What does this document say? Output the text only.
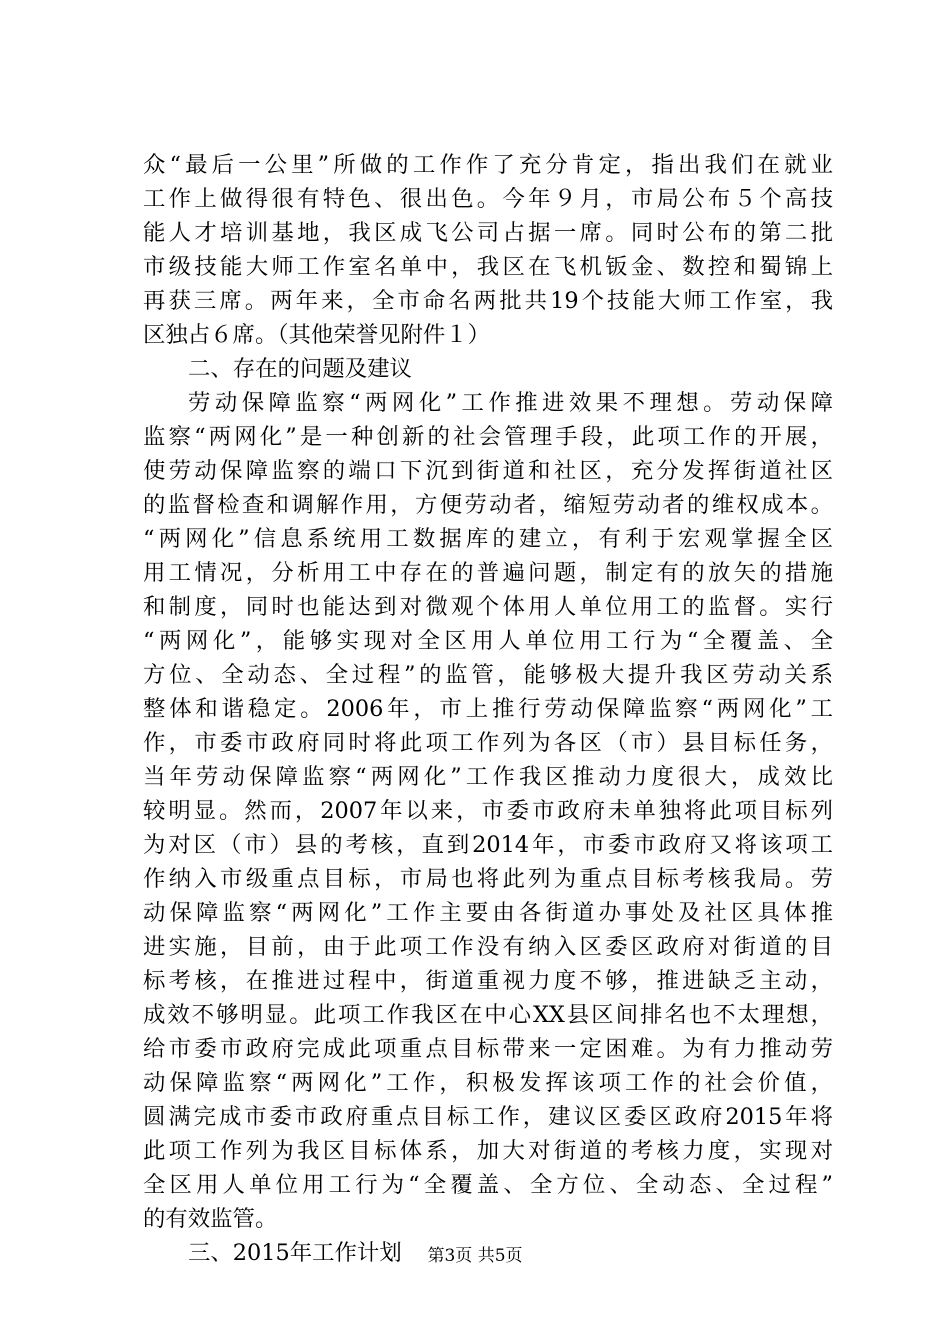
众“最后一公里”所做的工作作了充分肯定，指出我们在就业
工作上做得很有特色、很出色。今年９月，市局公布５个高技
能人才培训基地，我区成飞公司占据一席。同时公布的第二批
市级技能大师工作室名单中，我区在飞机钣金、数控和蜀锦上
再获三席。两年来，全市命名两批共19个技能大师工作室，我
区独占６席。（其他荣誉见附件１）
二、存在的问题及建议
劳动保障监察“两网化”工作推进效果不理想。劳动保障
监察“两网化”是一种创新的社会管理手段，此项工作的开展，
使劳动保障监察的端口下沉到街道和社区，充分发挥街道社区
的监督检查和调解作用，方便劳动者，缩短劳动者的维权成本。
“两网化”信息系统用工数据库的建立，有利于宏观掌握全区
用工情况，分析用工中存在的普遍问题，制定有的放矢的措施
和制度，同时也能达到对微观个体用人单位用工的监督。实行
“两网化”，能够实现对全区用人单位用工行为“全覆盖、全
方位、全动态、全过程”的监管，能够极大提升我区劳动关系
整体和谐稳定。2006年，市上推行劳动保障监察“两网化”工
作，市委市政府同时将此项工作列为各区（市）县目标任务，
当年劳动保障监察“两网化”工作我区推动力度很大，成效比
较明显。然而，2007年以来，市委市政府未单独将此项目标列
为对区（市）县的考核，直到2014年，市委市政府又将该项工
作纳入市级重点目标，市局也将此列为重点目标考核我局。劳
动保障监察“两网化”工作主要由各街道办事处及社区具体推
进实施，目前，由于此项工作没有纳入区委区政府对街道的目
标考核，在推进过程中，街道重视力度不够，推进缺乏主动，
成效不够明显。此项工作我区在中心XX县区间排名也不太理想，
给市委市政府完成此项重点目标带来一定困难。为有力推动劳
动保障监察“两网化”工作，积极发挥该项工作的社会价值，
圆满完成市委市政府重点目标工作，建议区委区政府2015年将
此项工作列为我区目标体系，加大对街道的考核力度，实现对
全区用人单位用工行为“全覆盖、全方位、全动态、全过程”
的有效监管。
三、2015年工作计划	第3页 共5页
